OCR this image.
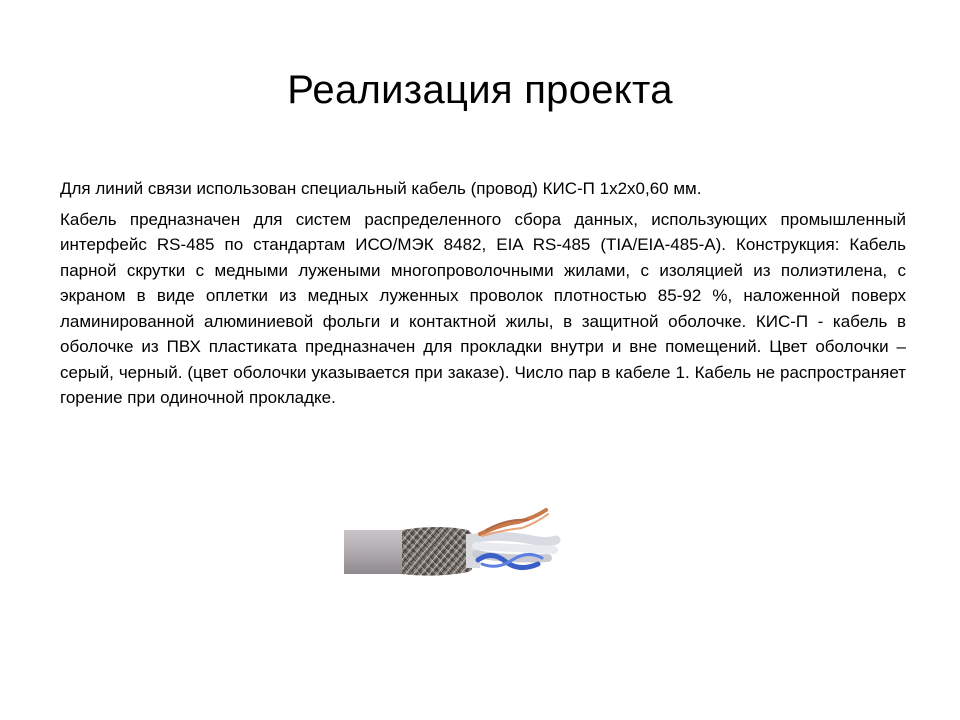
Реализация проекта

Для линий связи использован специальный кабель (провод) КИС-П 1х2х0,60 мм.

Кабель предназначен для систем распределенного сбора данных, использующих промышленный интерфейс RS-485 по стандартам ИСО/МЭК 8482, EIA RS-485 (TIA/EIA-485-A). Конструкция: Кабель парной скрутки с медными лужеными многопроволочными жилами, с изоляцией из полиэтилена, с экраном в виде оплетки из медных луженных проволок плотностью 85-92 %, наложенной поверх ламинированной алюминиевой фольги и контактной жилы, в защитной оболочке. КИС-П - кабель в оболочке из ПВХ пластиката предназначен для прокладки внутри и вне помещений. Цвет оболочки – серый, черный. (цвет оболочки указывается при заказе). Число пар в кабеле 1. Кабель не распространяет горение при одиночной прокладке.
